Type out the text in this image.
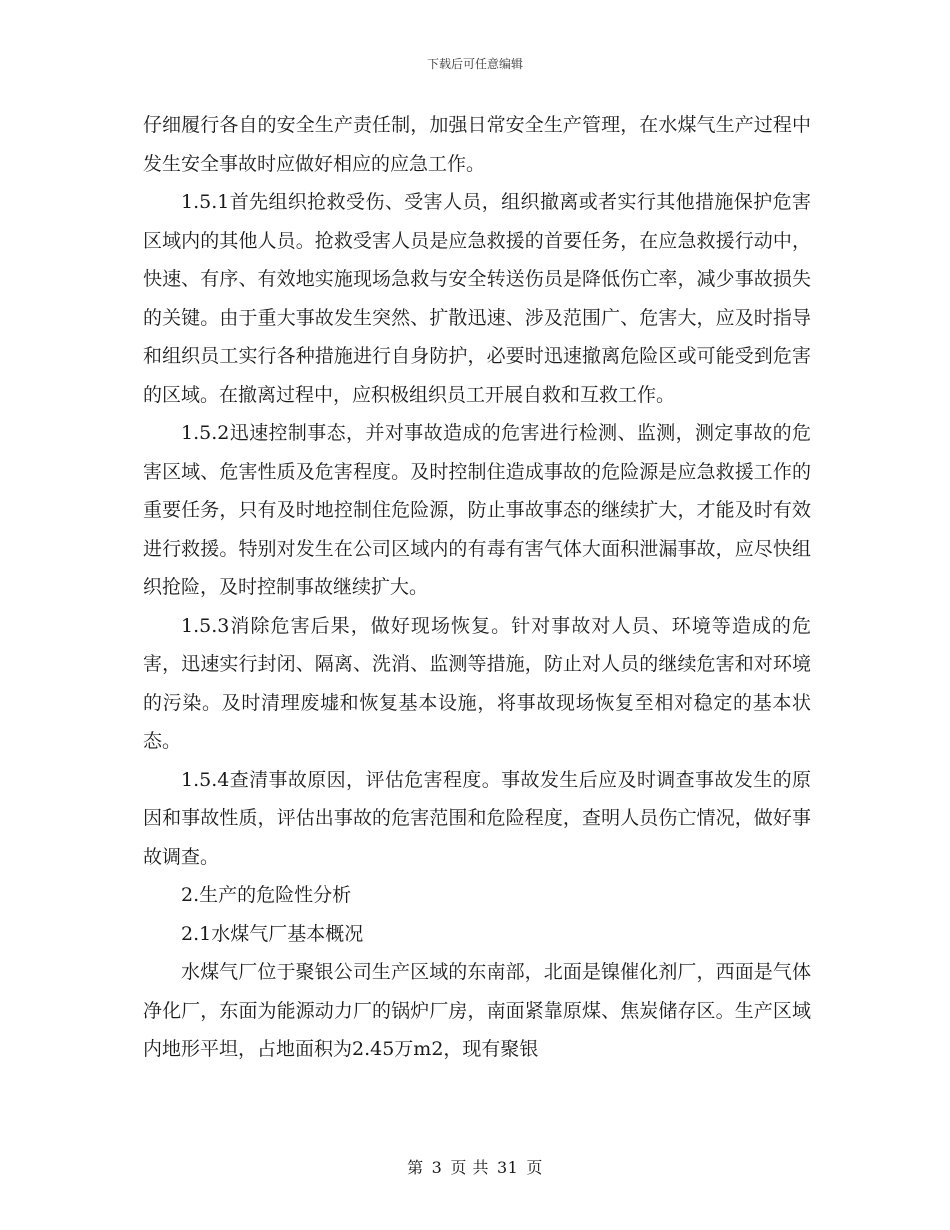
下载后可任意编辑

仔细履行各自的安全生产责任制，加强日常安全生产管理，在水煤气生产过程中发生安全事故时应做好相应的应急工作。

1.5.1首先组织抢救受伤、受害人员，组织撤离或者实行其他措施保护危害区域内的其他人员。抢救受害人员是应急救援的首要任务，在应急救援行动中，快速、有序、有效地实施现场急救与安全转送伤员是降低伤亡率，减少事故损失的关键。由于重大事故发生突然、扩散迅速、涉及范围广、危害大，应及时指导和组织员工实行各种措施进行自身防护，必要时迅速撤离危险区或可能受到危害的区域。在撤离过程中，应积极组织员工开展自救和互救工作。

1.5.2迅速控制事态，并对事故造成的危害进行检测、监测，测定事故的危害区域、危害性质及危害程度。及时控制住造成事故的危险源是应急救援工作的重要任务，只有及时地控制住危险源，防止事故事态的继续扩大，才能及时有效进行救援。特别对发生在公司区域内的有毒有害气体大面积泄漏事故，应尽快组织抢险，及时控制事故继续扩大。

1.5.3消除危害后果，做好现场恢复。针对事故对人员、环境等造成的危害，迅速实行封闭、隔离、洗消、监测等措施，防止对人员的继续危害和对环境的污染。及时清理废墟和恢复基本设施，将事故现场恢复至相对稳定的基本状态。

1.5.4查清事故原因，评估危害程度。事故发生后应及时调查事故发生的原因和事故性质，评估出事故的危害范围和危险程度，查明人员伤亡情况，做好事故调查。

2.生产的危险性分析

2.1水煤气厂基本概况

水煤气厂位于聚银公司生产区域的东南部，北面是镍催化剂厂，西面是气体净化厂，东面为能源动力厂的锅炉厂房，南面紧靠原煤、焦炭储存区。生产区域内地形平坦，占地面积为2.45万m2，现有聚银

第 3 页 共 31 页
